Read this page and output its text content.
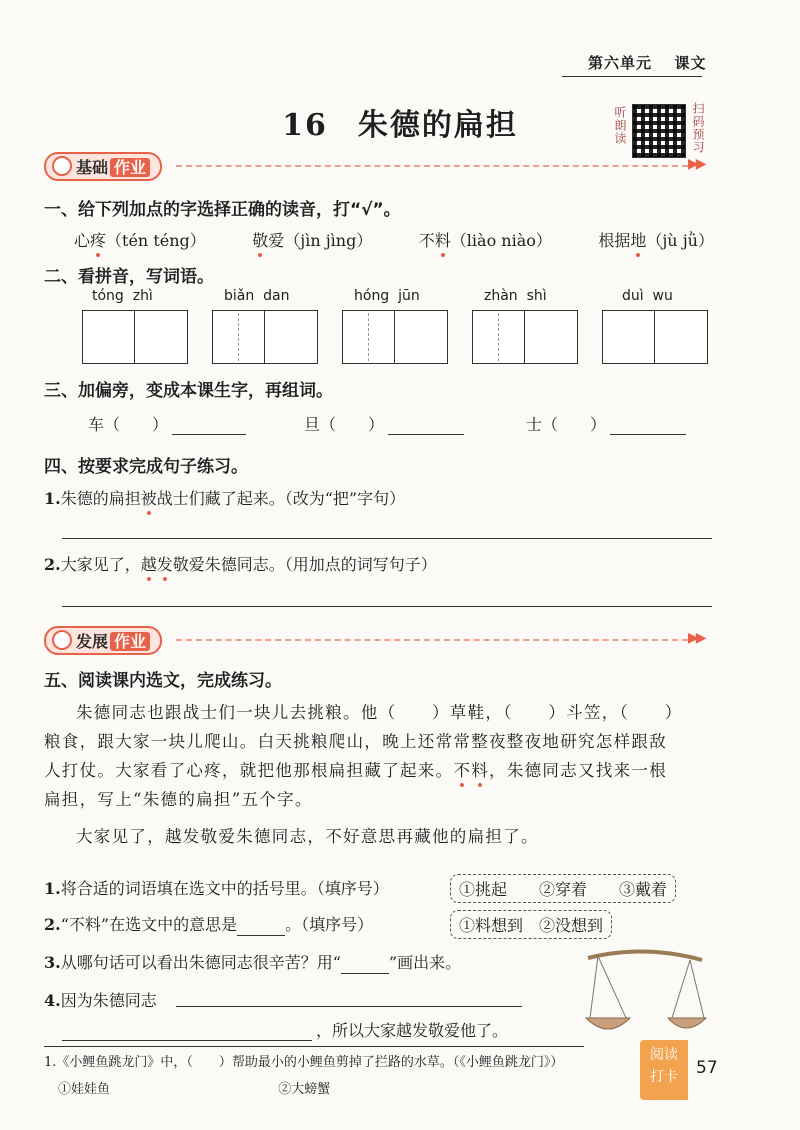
第六单元 课文
16 朱德的扁担	听朗读	扫码预习
基础 作业	▶▶
一、给下列加点的字选择正确的读音，打“√”。
心疼（tén téng）	敬爱（jìn jìng）	不料（liào niào）	根据地（jù jǜ）
二、看拼音，写词语。
tóng  zhì	biǎn  dan	hóng  jūn	zhàn  shì	duì  wu
三、加偏旁，变成本课生字，再组词。
车（　　）	旦（　　）	士（　　）
四、按要求完成句子练习。
1.朱德的扁担被战士们藏了起来。（改为“把”字句）
2.大家见了，越发敬爱朱德同志。（用加点的词写句子）
发展 作业	▶▶
五、阅读课内选文，完成练习。
朱德同志也跟战士们一块儿去挑粮。他（　　）草鞋，（　　）斗笠，（　　）
粮食，跟大家一块儿爬山。白天挑粮爬山，晚上还常常整夜整夜地研究怎样跟敌
人打仗。大家看了心疼，就把他那根扁担藏了起来。不料，朱德同志又找来一根
扁担，写上“朱德的扁担”五个字。
大家见了，越发敬爱朱德同志，不好意思再藏他的扁担了。
1.将合适的词语填在选文中的括号里。（填序号）	①挑起　　②穿着　　③戴着
2.“不料”在选文中的意思是　　　	。（填序号）	①料想到　②没想到
3.从哪句话可以看出朱德同志很辛苦？用“　　　	”画出来。
4.因为朱德同志
，所以大家越发敬爱他了。
1.《小鲤鱼跳龙门》中，（　　）帮助最小的小鲤鱼剪掉了拦路的水草。（《小鲤鱼跳龙门》）
①娃娃鱼	②大螃蟹
阅读
打卡	57
